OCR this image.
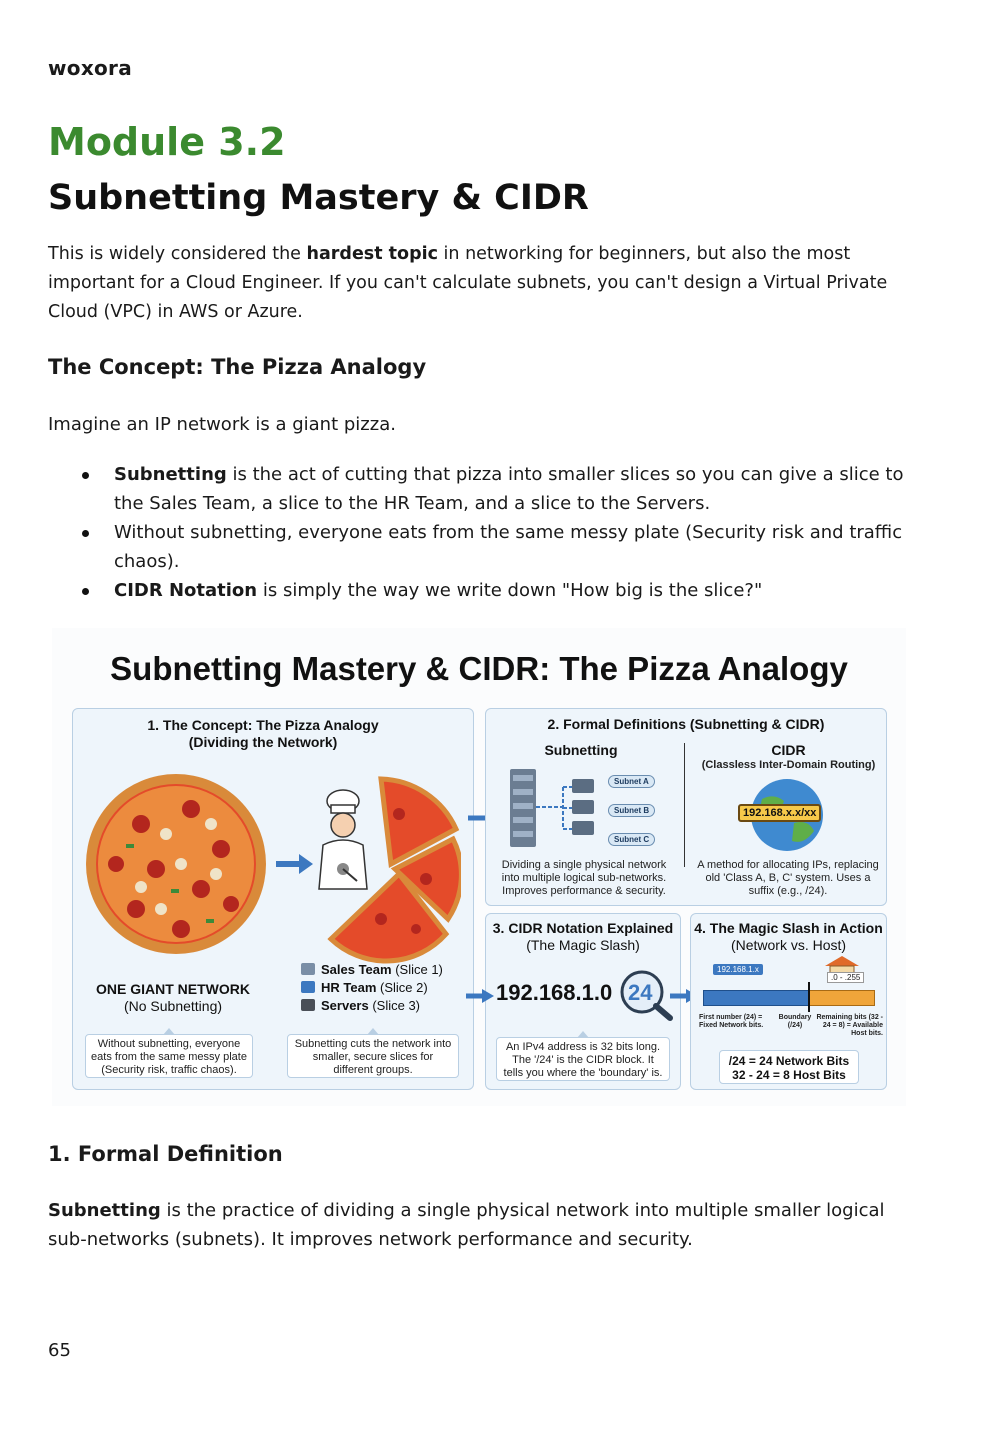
woxora
Module 3.2
Subnetting Mastery & CIDR

This is widely considered the hardest topic in networking for beginners, but also the most important for a Cloud Engineer. If you can't calculate subnets, you can't design a Virtual Private Cloud (VPC) in AWS or Azure.

The Concept: The Pizza Analogy

Imagine an IP network is a giant pizza.

Subnetting is the act of cutting that pizza into smaller slices so you can give a slice to the Sales Team, a slice to the HR Team, and a slice to the Servers.
Without subnetting, everyone eats from the same messy plate (Security risk and traffic chaos).
CIDR Notation is simply the way we write down "How big is the slice?"
Subnetting Mastery & CIDR: The Pizza Analogy
1. The Concept: The Pizza Analogy
(Dividing the Network)
ONE GIANT NETWORK
(No Subnetting)
Sales Team (Slice 1)
HR Team (Slice 2)
Servers (Slice 3)
Without subnetting, everyone eats from the same messy plate (Security risk, traffic chaos).
Subnetting cuts the network into smaller, secure slices for different groups.
2. Formal Definitions (Subnetting & CIDR)
Subnetting
Subnet A
Subnet B
Subnet C
Dividing a single physical network into multiple logical sub-networks. Improves performance & security.
CIDR
(Classless Inter-Domain Routing)
192.168.x.x/xx
A method for allocating IPs, replacing old 'Class A, B, C' system. Uses a suffix (e.g., /24).
3. CIDR Notation Explained
(The Magic Slash)
192.168.1.0 24
An IPv4 address is 32 bits long. The '/24' is the CIDR block. It tells you where the 'boundary' is.
4. The Magic Slash in Action
(Network vs. Host)
192.168.1.x
.0 - .255
First number (24) = Fixed Network bits.
Boundary (/24)
Remaining bits (32 - 24 = 8) = Available Host bits.
/24 = 24 Network Bits
32 - 24 = 8 Host Bits
1. Formal Definition

Subnetting is the practice of dividing a single physical network into multiple smaller logical sub-networks (subnets). It improves network performance and security.

65
